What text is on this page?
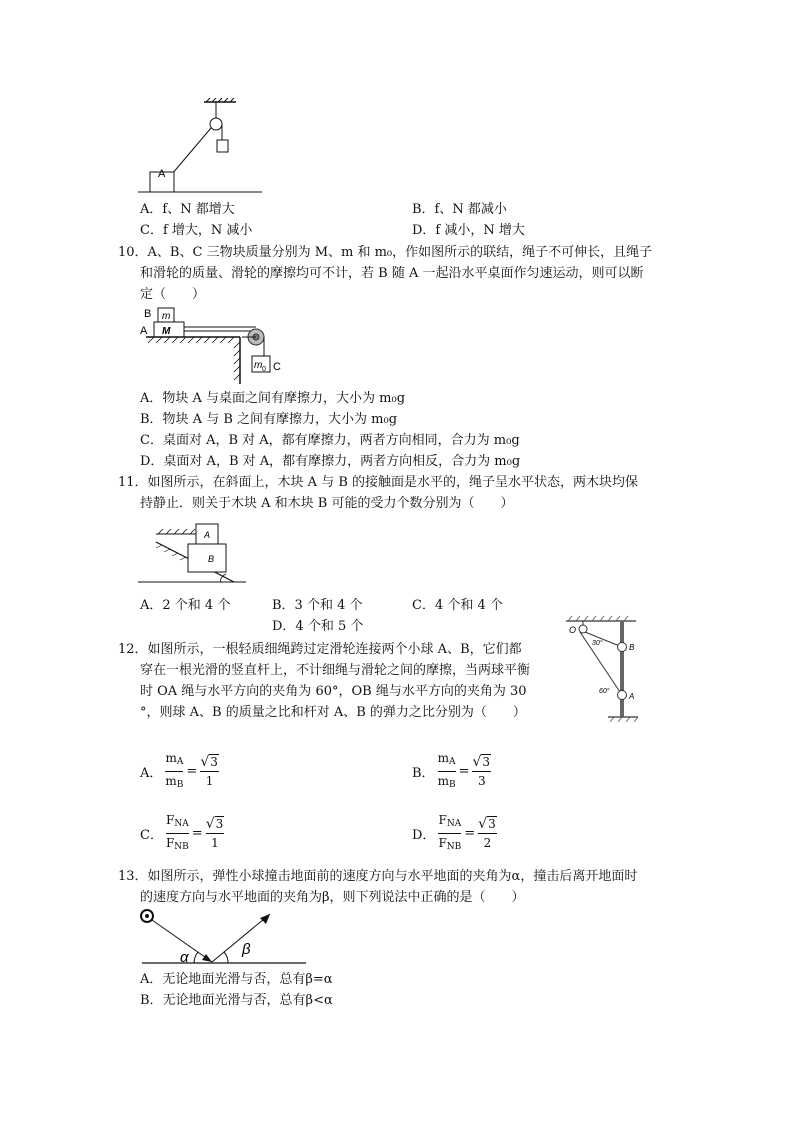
A
A．f、N 都增大	B．f、N 都减小
C．f 增大，N 减小	D．f 减小，N 增大
10．A、B、C 三物块质量分别为 M、m 和 m₀，作如图所示的联结，绳子不可伸长，且绳子
和滑轮的质量、滑轮的摩擦均可不计，若 B 随 A 一起沿水平桌面作匀速运动，则可以断
定（　　）
B m
A M
m 0 C
A．物块 A 与桌面之间有摩擦力，大小为 m₀g
B．物块 A 与 B 之间有摩擦力，大小为 m₀g
C．桌面对 A，B 对 A，都有摩擦力，两者方向相同，合力为 m₀g
D．桌面对 A，B 对 A，都有摩擦力，两者方向相反，合力为 m₀g
11．如图所示，在斜面上，木块 A 与 B 的接触面是水平的，绳子呈水平状态，两木块均保
持静止．则关于木块 A 和木块 B 可能的受力个数分别为（　　）
A
B
A．2 个和 4 个	B．3 个和 4 个	C．4 个和 4 个
D．4 个和 5 个
12．如图所示，一根轻质细绳跨过定滑轮连接两个小球 A、B，它们都
穿在一根光滑的竖直杆上，不计细绳与滑轮之间的摩擦，当两球平衡
时 OA 绳与水平方向的夹角为 60°，OB 绳与水平方向的夹角为 30
°，则球 A、B 的质量之比和杆对 A、B 的弹力之比分别为（　　）
O
B
A
30°
60°
A． $\frac{m_A}{m_B} = \frac{√3}{1}$	B． $\frac{m_A}{m_B} = \frac{√3}{3}$
C． $\frac{F_{NA}}{F_{NB}} = \frac{√3}{1}$	D． $\frac{F_{NA}}{F_{NB}} = \frac{√3}{2}$
13．如图所示，弹性小球撞击地面前的速度方向与水平地面的夹角为α，撞击后离开地面时
的速度方向与水平地面的夹角为β，则下列说法中正确的是（　　）
α	β
A．无论地面光滑与否，总有β=α
B．无论地面光滑与否，总有β<α
